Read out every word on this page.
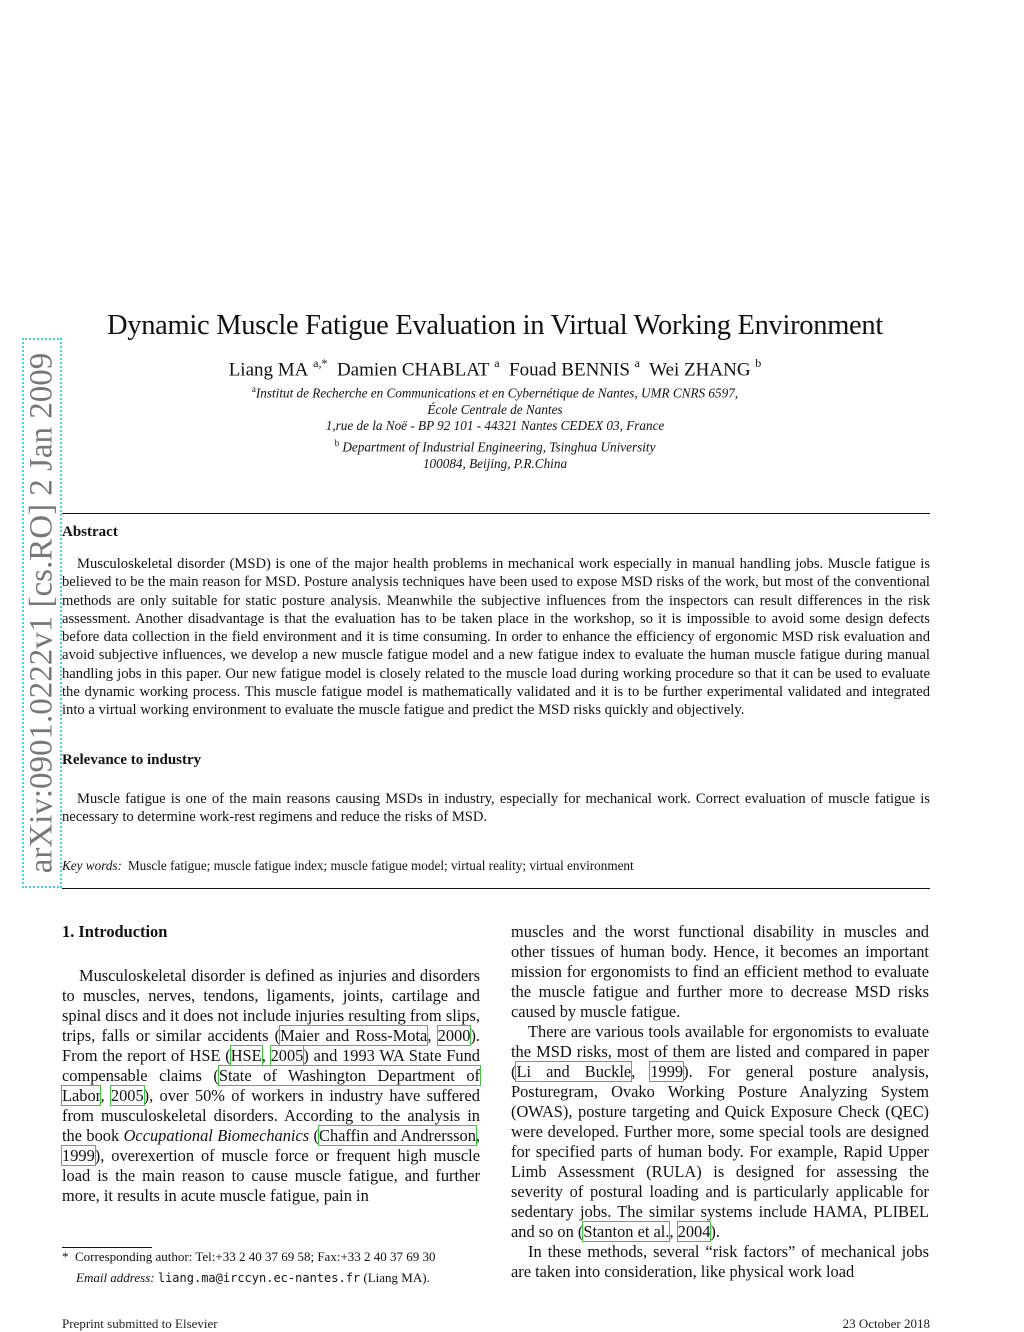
arXiv:0901.0222v1 [cs.RO] 2 Jan 2009
Dynamic Muscle Fatigue Evaluation in Virtual Working Environment
Liang MA $^{a,*}$ Damien CHABLAT $^a$ Fouad BENNIS $^a$ Wei ZHANG $^b$
$^a$Institut de Recherche en Communications et en Cybernétique de Nantes, UMR CNRS 6597,
École Centrale de Nantes
1,rue de la Noë - BP 92 101 - 44321 Nantes CEDEX 03, France
$^b$ Department of Industrial Engineering, Tsinghua University
100084, Beijing, P.R.China
Abstract

Musculoskeletal disorder (MSD) is one of the major health problems in mechanical work especially in manual handling jobs. Muscle fatigue is believed to be the main reason for MSD. Posture analysis techniques have been used to expose MSD risks of the work, but most of the conventional methods are only suitable for static posture analysis. Meanwhile the subjective influences from the inspectors can result differences in the risk assessment. Another disadvantage is that the evaluation has to be taken place in the workshop, so it is impossible to avoid some design defects before data collection in the field environment and it is time consuming. In order to enhance the efficiency of ergonomic MSD risk evaluation and avoid subjective influences, we develop a new muscle fatigue model and a new fatigue index to evaluate the human muscle fatigue during manual handling jobs in this paper. Our new fatigue model is closely related to the muscle load during working procedure so that it can be used to evaluate the dynamic working process. This muscle fatigue model is mathematically validated and it is to be further experimental validated and integrated into a virtual working environment to evaluate the muscle fatigue and predict the MSD risks quickly and objectively.

Relevance to industry

Muscle fatigue is one of the main reasons causing MSDs in industry, especially for mechanical work. Correct evaluation of muscle fatigue is necessary to determine work-rest regimens and reduce the risks of MSD.

Key words: Muscle fatigue; muscle fatigue index; muscle fatigue model; virtual reality; virtual environment

1. Introduction

Musculoskeletal disorder is defined as injuries and disorders to muscles, nerves, tendons, ligaments, joints, cartilage and spinal discs and it does not include injuries resulting from slips, trips, falls or similar accidents (Maier and Ross-Mota, 2000). From the report of HSE (HSE, 2005) and 1993 WA State Fund compensable claims (State of Washington Department of Labor, 2005), over 50% of workers in industry have suffered from musculoskeletal disorders. According to the analysis in the book Occupational Biomechanics (Chaffin and Andrersson, 1999), overexertion of muscle force or frequent high muscle load is the main reason to cause muscle fatigue, and further more, it results in acute muscle fatigue, pain in

muscles and the worst functional disability in muscles and other tissues of human body. Hence, it becomes an important mission for ergonomists to find an efficient method to evaluate the muscle fatigue and further more to decrease MSD risks caused by muscle fatigue.

There are various tools available for ergonomists to evaluate the MSD risks, most of them are listed and compared in paper (Li and Buckle, 1999). For general posture analysis, Posturegram, Ovako Working Posture Analyzing System (OWAS), posture targeting and Quick Exposure Check (QEC) were developed. Further more, some special tools are designed for specified parts of human body. For example, Rapid Upper Limb Assessment (RULA) is designed for assessing the severity of postural loading and is particularly applicable for sedentary jobs. The similar systems include HAMA, PLIBEL and so on (Stanton et al., 2004).

In these methods, several “risk factors” of mechanical jobs are taken into consideration, like physical work load

* Corresponding author: Tel:+33 2 40 37 69 58; Fax:+33 2 40 37 69 30
Email address: liang.ma@irccyn.ec-nantes.fr (Liang MA).
Preprint submitted to Elsevier	23 October 2018
